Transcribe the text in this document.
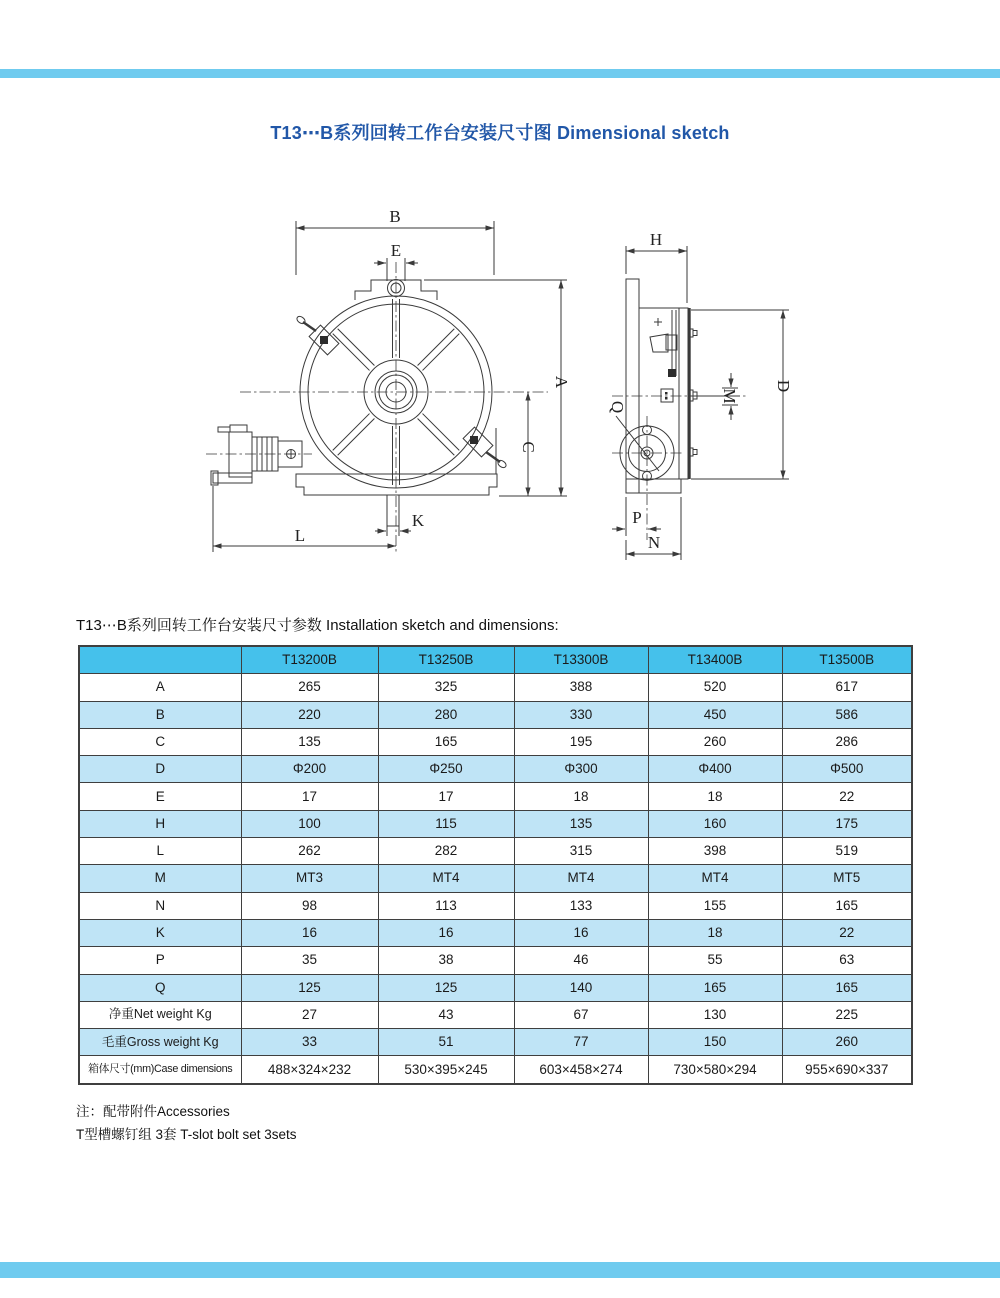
T13⋯B系列回转工作台安装尺寸图 Dimensional sketch
B
E
A
C
K
L
H
D
M
Q
P
N
T13⋯B系列回转工作台安装尺寸参数 Installation sketch and dimensions:
	T13200B	T13250B	T13300B	T13400B	T13500B
A	265	325	388	520	617
B	220	280	330	450	586
C	135	165	195	260	286
D	Φ200	Φ250	Φ300	Φ400	Φ500
E	17	17	18	18	22
H	100	115	135	160	175
L	262	282	315	398	519
M	MT3	MT4	MT4	MT4	MT5
N	98	113	133	155	165
K	16	16	16	18	22
P	35	38	46	55	63
Q	125	125	140	165	165
净重Net weight Kg	27	43	67	130	225
毛重Gross weight Kg	33	51	77	150	260
箱体尺寸(mm)Case dimensions	488×324×232	530×395×245	603×458×274	730×580×294	955×690×337
注：配带附件Accessories
T型槽螺钉组 3套 T-slot bolt set 3sets
